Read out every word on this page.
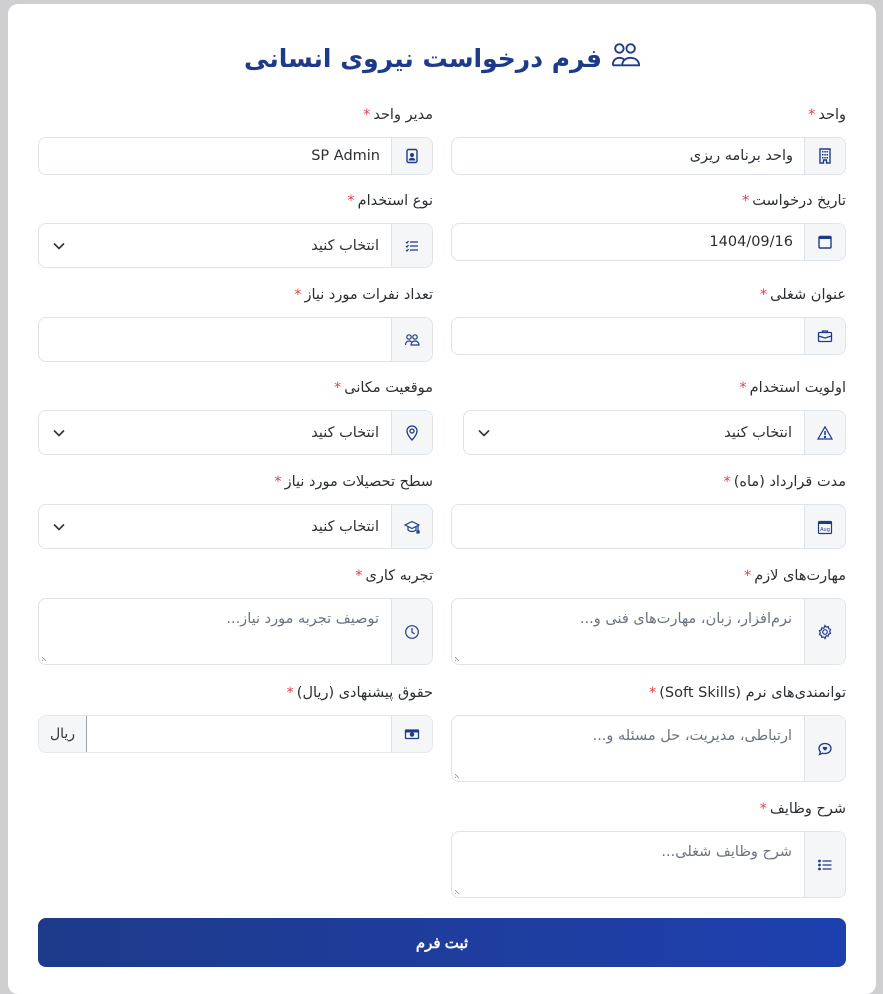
فرم درخواست نیروی انسانی
واحد*
واحد برنامه ریزی
مدیر واحد*
SP Admin
تاریخ درخواست*
1404/09/16
نوع استخدام*
انتخاب کنید
عنوان شغلی*
تعداد نفرات مورد نیاز*
اولویت استخدام*
انتخاب کنید
موقعیت مکانی*
انتخاب کنید
مدت قرارداد (ماه)*
Aug
سطح تحصیلات مورد نیاز*
انتخاب کنید
مهارت‌های لازم*
نرم‌افزار، زبان، مهارت‌های فنی و...
تجربه کاری*
توصیف تجربه مورد نیاز...
توانمندی‌های نرم (Soft Skills)*
ارتباطی، مدیریت، حل مسئله و...
حقوق پیشنهادی (ریال)*
ریال
شرح وظایف*
شرح وظایف شغلی...
ثبت فرم
